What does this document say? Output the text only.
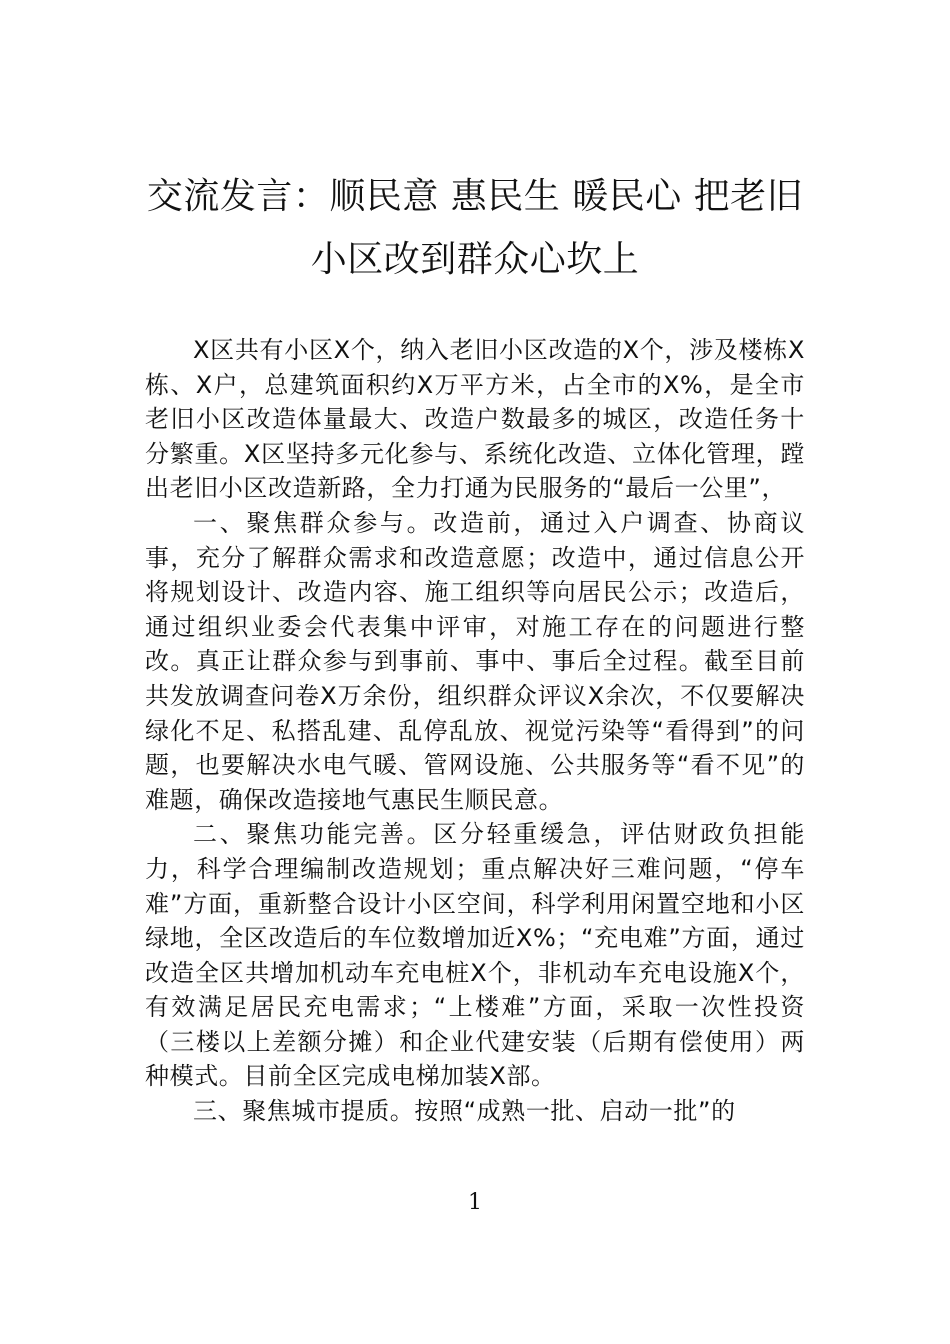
交流发言：顺民意 惠民生 暖民心 把老旧小区改到群众心坎上

X区共有小区X个，纳入老旧小区改造的X个，涉及楼栋X栋、X户，总建筑面积约X万平方米，占全市的X%，是全市老旧小区改造体量最大、改造户数最多的城区，改造任务十分繁重。X区坚持多元化参与、系统化改造、立体化管理，蹚出老旧小区改造新路，全力打通为民服务的“最后一公里”，

一、聚焦群众参与。改造前，通过入户调查、协商议事，充分了解群众需求和改造意愿；改造中，通过信息公开将规划设计、改造内容、施工组织等向居民公示；改造后，通过组织业委会代表集中评审，对施工存在的问题进行整改。真正让群众参与到事前、事中、事后全过程。截至目前共发放调查问卷X万余份，组织群众评议X余次，不仅要解决绿化不足、私搭乱建、乱停乱放、视觉污染等“看得到”的问题，也要解决水电气暖、管网设施、公共服务等“看不见”的难题，确保改造接地气惠民生顺民意。

二、聚焦功能完善。区分轻重缓急，评估财政负担能力，科学合理编制改造规划；重点解决好三难问题，“停车难”方面，重新整合设计小区空间，科学利用闲置空地和小区绿地，全区改造后的车位数增加近X%；“充电难”方面，通过改造全区共增加机动车充电桩X个，非机动车充电设施X个，有效满足居民充电需求；“上楼难”方面，采取一次性投资（三楼以上差额分摊）和企业代建安装（后期有偿使用）两种模式。目前全区完成电梯加装X部。

三、聚焦城市提质。按照“成熟一批、启动一批”的

1
